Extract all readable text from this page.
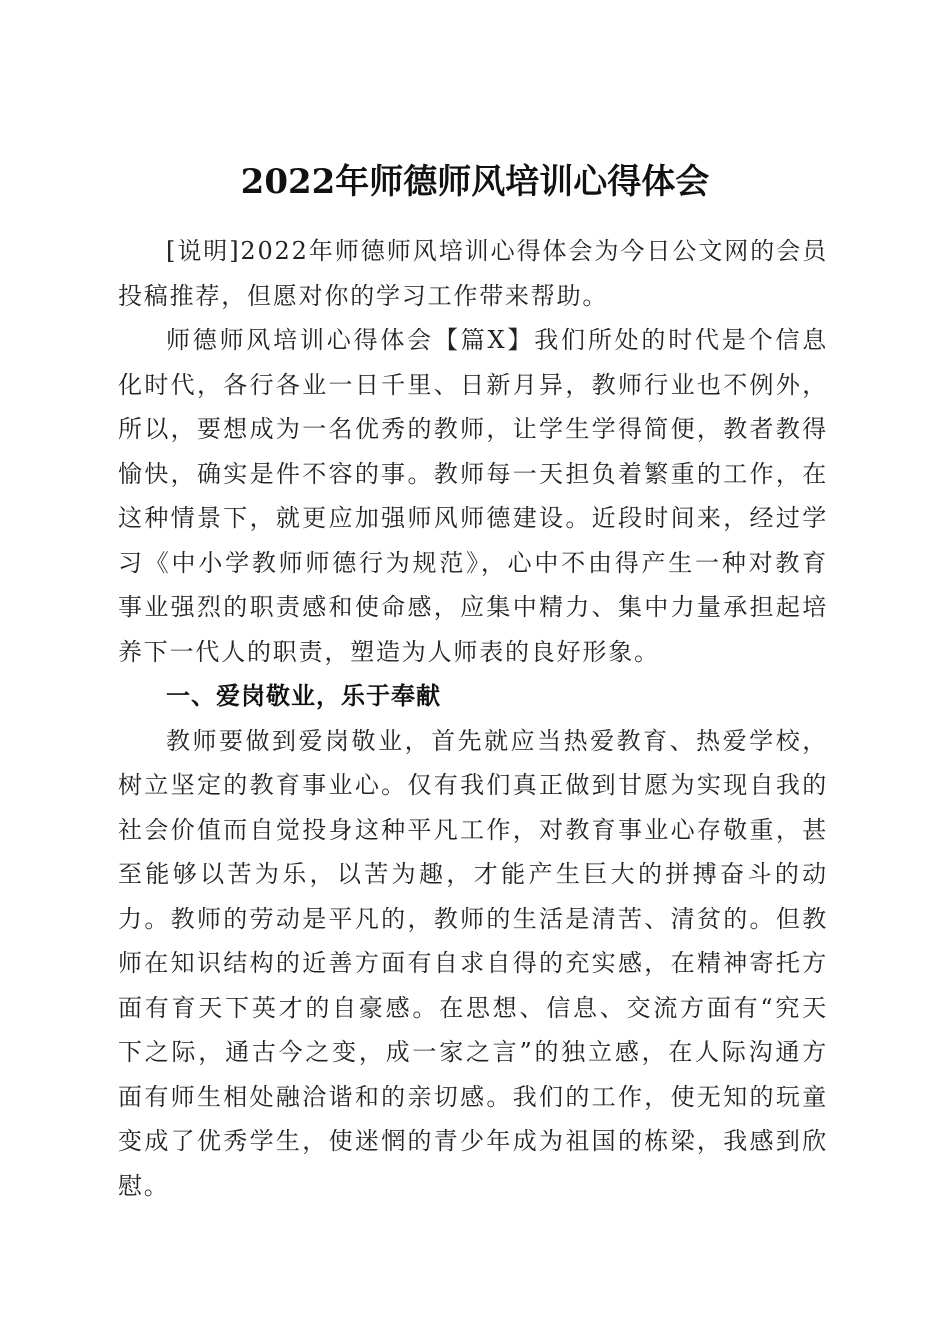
2022年师德师风培训心得体会

[说明]2022年师德师风培训心得体会为今日公文网的会员投稿推荐，但愿对你的学习工作带来帮助。

师德师风培训心得体会【篇X】我们所处的时代是个信息化时代，各行各业一日千里、日新月异，教师行业也不例外，所以，要想成为一名优秀的教师，让学生学得简便，教者教得愉快，确实是件不容的事。教师每一天担负着繁重的工作，在这种情景下，就更应加强师风师德建设。近段时间来，经过学习《中小学教师师德行为规范》，心中不由得产生一种对教育事业强烈的职责感和使命感，应集中精力、集中力量承担起培养下一代人的职责，塑造为人师表的良好形象。

一、爱岗敬业，乐于奉献

教师要做到爱岗敬业，首先就应当热爱教育、热爱学校，树立坚定的教育事业心。仅有我们真正做到甘愿为实现自我的社会价值而自觉投身这种平凡工作，对教育事业心存敬重，甚至能够以苦为乐，以苦为趣，才能产生巨大的拼搏奋斗的动力。教师的劳动是平凡的，教师的生活是清苦、清贫的。但教师在知识结构的近善方面有自求自得的充实感，在精神寄托方面有育天下英才的自豪感。在思想、信息、交流方面有“究天下之际，通古今之变，成一家之言”的独立感，在人际沟通方面有师生相处融洽谐和的亲切感。我们的工作，使无知的玩童变成了优秀学生，使迷惘的青少年成为祖国的栋梁，我感到欣慰。
